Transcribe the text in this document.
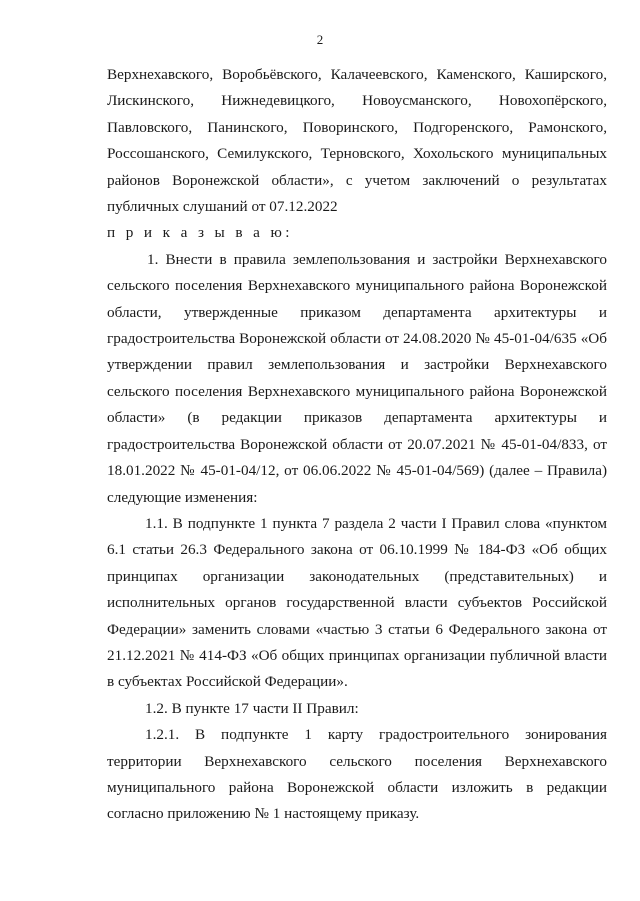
2

Верхнехавского, Воробьёвского, Калачеевского, Каменского, Каширского, Лискинского, Нижнедевицкого, Новоусманского, Новохопёрского, Павловского, Панинского, Поворинского, Подгоренского, Рамонского, Россошанского, Семилукского, Терновского, Хохольского муниципальных районов Воронежской области», с учетом заключений о результатах публичных слушаний от 07.12.2022

п р и к а з ы в а ю:

1. Внести в правила землепользования и застройки Верхнехавского сельского поселения Верхнехавского муниципального района Воронежской области, утвержденные приказом департамента архитектуры и градостроительства Воронежской области от 24.08.2020 № 45-01-04/635 «Об утверждении правил землепользования и застройки Верхнехавского сельского поселения Верхнехавского муниципального района Воронежской области» (в редакции приказов департамента архитектуры и градостроительства Воронежской области от 20.07.2021 № 45-01-04/833, от 18.01.2022 № 45-01-04/12, от 06.06.2022 № 45-01-04/569) (далее – Правила) следующие изменения:

1.1. В подпункте 1 пункта 7 раздела 2 части I Правил слова «пунктом 6.1 статьи 26.3 Федерального закона от 06.10.1999 № 184-ФЗ «Об общих принципах организации законодательных (представительных) и исполнительных органов государственной власти субъектов Российской Федерации» заменить словами «частью 3 статьи 6 Федерального закона от 21.12.2021 № 414-ФЗ «Об общих принципах организации публичной власти в субъектах Российской Федерации».

1.2. В пункте 17 части II Правил:

1.2.1. В подпункте 1 карту градостроительного зонирования территории Верхнехавского сельского поселения Верхнехавского муниципального района Воронежской области изложить в редакции согласно приложению № 1 настоящему приказу.
